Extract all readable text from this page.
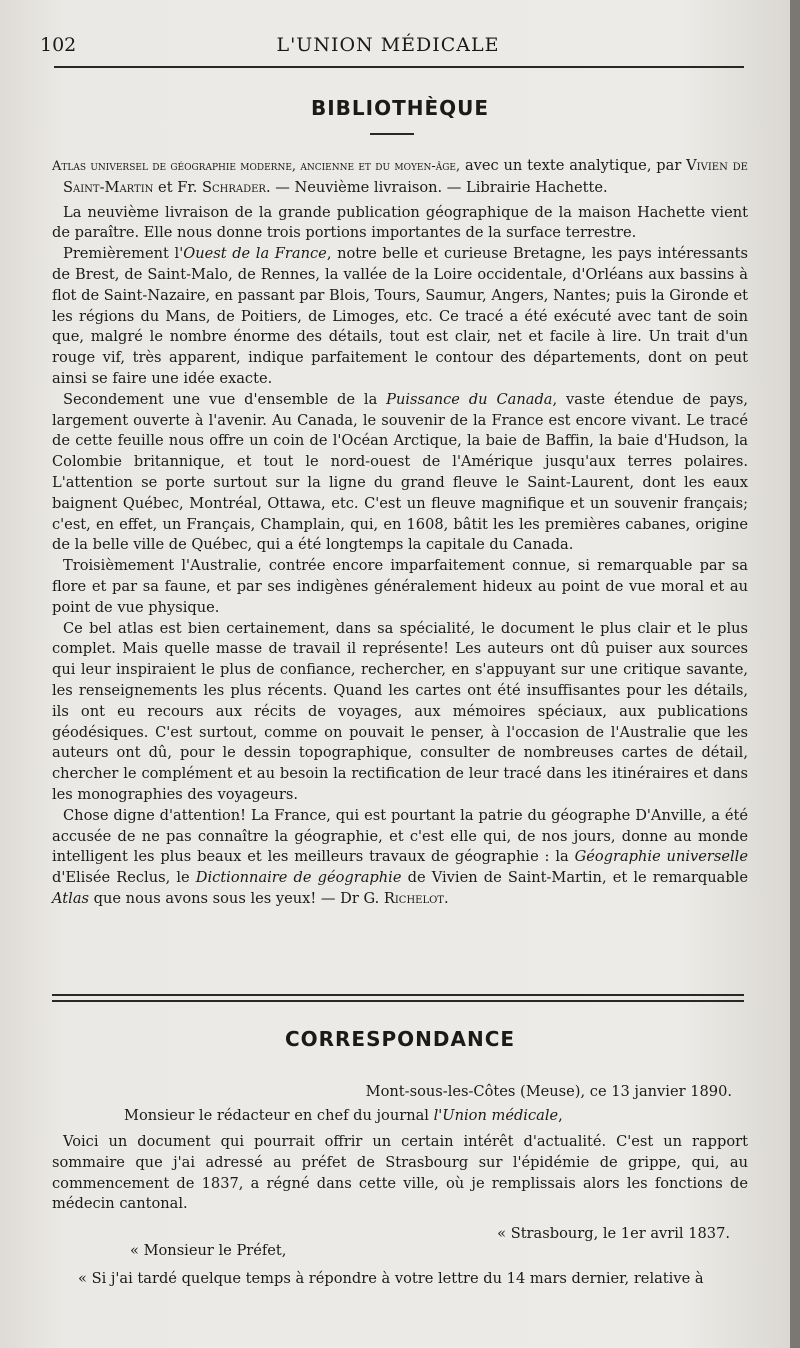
102	L'UNION MÉDICALE
BIBLIOTHÈQUE

Atlas universel de géographie moderne, ancienne et du moyen-âge, avec un texte analytique, par Vivien de Saint-Martin et Fr. Schrader. — Neuvième livraison. — Librairie Hachette.

La neuvième livraison de la grande publication géographique de la maison Hachette vient de paraître. Elle nous donne trois portions importantes de la surface terrestre.

Premièrement l'Ouest de la France, notre belle et curieuse Bretagne, les pays intéressants de Brest, de Saint-Malo, de Rennes, la vallée de la Loire occidentale, d'Orléans aux bassins à flot de Saint-Nazaire, en passant par Blois, Tours, Saumur, Angers, Nantes; puis la Gironde et les régions du Mans, de Poitiers, de Limoges, etc. Ce tracé a été exécuté avec tant de soin que, malgré le nombre énorme des détails, tout est clair, net et facile à lire. Un trait d'un rouge vif, très apparent, indique parfaitement le contour des départements, dont on peut ainsi se faire une idée exacte.

Secondement une vue d'ensemble de la Puissance du Canada, vaste étendue de pays, largement ouverte à l'avenir. Au Canada, le souvenir de la France est encore vivant. Le tracé de cette feuille nous offre un coin de l'Océan Arctique, la baie de Baffin, la baie d'Hudson, la Colombie britannique, et tout le nord-ouest de l'Amérique jusqu'aux terres polaires. L'attention se porte surtout sur la ligne du grand fleuve le Saint-Laurent, dont les eaux baignent Québec, Montréal, Ottawa, etc. C'est un fleuve magnifique et un souvenir français; c'est, en effet, un Français, Champlain, qui, en 1608, bâtit les les premières cabanes, origine de la belle ville de Québec, qui a été longtemps la capitale du Canada.

Troisièmement l'Australie, contrée encore imparfaitement connue, si remarquable par sa flore et par sa faune, et par ses indigènes généralement hideux au point de vue moral et au point de vue physique.

Ce bel atlas est bien certainement, dans sa spécialité, le document le plus clair et le plus complet. Mais quelle masse de travail il représente! Les auteurs ont dû puiser aux sources qui leur inspiraient le plus de confiance, rechercher, en s'appuyant sur une critique savante, les renseignements les plus récents. Quand les cartes ont été insuffisantes pour les détails, ils ont eu recours aux récits de voyages, aux mémoires spéciaux, aux publications géodésiques. C'est surtout, comme on pouvait le penser, à l'occasion de l'Australie que les auteurs ont dû, pour le dessin topographique, consulter de nombreuses cartes de détail, chercher le complément et au besoin la rectification de leur tracé dans les itinéraires et dans les monographies des voyageurs.

Chose digne d'attention! La France, qui est pourtant la patrie du géographe D'Anville, a été accusée de ne pas connaître la géographie, et c'est elle qui, de nos jours, donne au monde intelligent les plus beaux et les meilleurs travaux de géographie : la Géographie universelle d'Elisée Reclus, le Dictionnaire de géographie de Vivien de Saint-Martin, et le remarquable Atlas que nous avons sous les yeux! — Dr G. Richelot.

CORRESPONDANCE
Mont-sous-les-Côtes (Meuse), ce 13 janvier 1890.
Monsieur le rédacteur en chef du journal l'Union médicale,

Voici un document qui pourrait offrir un certain intérêt d'actualité. C'est un rapport sommaire que j'ai adressé au préfet de Strasbourg sur l'épidémie de grippe, qui, au commencement de 1837, a régné dans cette ville, où je remplissais alors les fonctions de médecin cantonal.

« Strasbourg, le 1er avril 1837.
« Monsieur le Préfet,
« Si j'ai tardé quelque temps à répondre à votre lettre du 14 mars dernier, relative à
